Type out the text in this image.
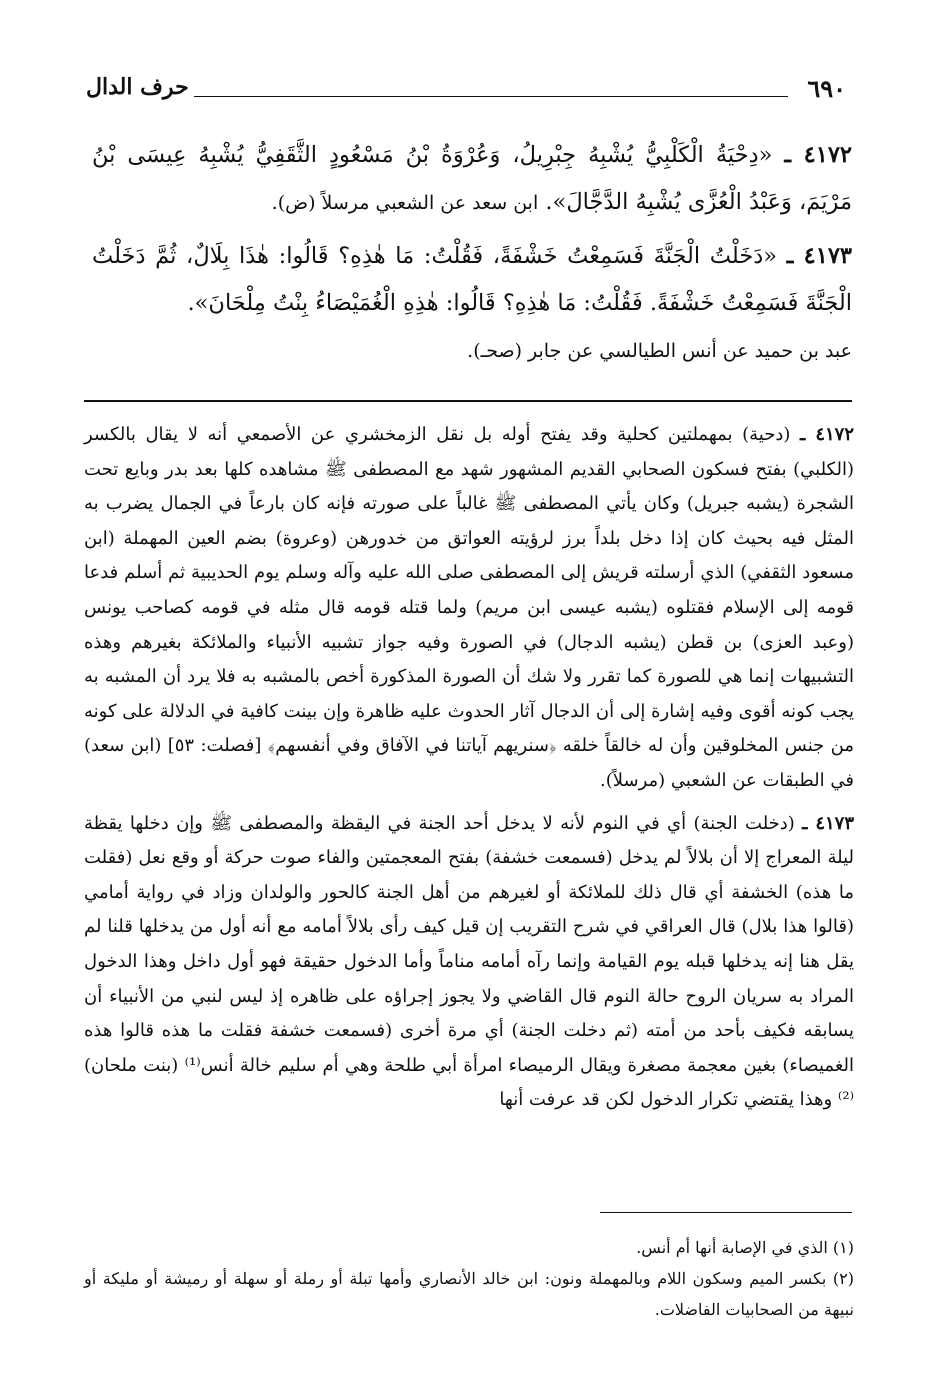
٦٩٠
حرف الدال

٤١٧٢ ـ «دِحْيَةُ الْكَلْبِيُّ يُشْبِهُ جِبْرِيلُ، وَعُرْوَةُ بْنُ مَسْعُودٍ الثَّقَفِيُّ يُشْبِهُ عِيسَى بْنُ مَرْيَمَ، وَعَبْدُ الْعُزَّى يُشْبِهُ الدَّجَّالَ». ابن سعد عن الشعبي مرسلاً (ض).

٤١٧٣ ـ «دَخَلْتُ الْجَنَّةَ فَسَمِعْتُ خَشْفَةً، فَقُلْتُ: مَا هٰذِهِ؟ قَالُوا: هٰذَا بِلَالٌ، ثُمَّ دَخَلْتُ الْجَنَّةَ فَسَمِعْتُ خَشْفَةً. فَقُلْتُ: مَا هٰذِهِ؟ قَالُوا: هٰذِهِ الْغُمَيْصَاءُ بِنْتُ مِلْحَانَ».
عبد بن حميد عن أنس الطيالسي عن جابر (صحـ).

٤١٧٢ ـ (دحية) بمهملتين كحلية وقد يفتح أوله بل نقل الزمخشري عن الأصمعي أنه لا يقال بالكسر (الكلبي) بفتح فسكون الصحابي القديم المشهور شهد مع المصطفى ﷺ مشاهده كلها بعد بدر وبايع تحت الشجرة (يشبه جبريل) وكان يأتي المصطفى ﷺ غالباً على صورته فإنه كان بارعاً في الجمال يضرب به المثل فيه بحيث كان إذا دخل بلداً برز لرؤيته العواتق من خدورهن (وعروة) بضم العين المهملة (ابن مسعود الثقفي) الذي أرسلته قريش إلى المصطفى صلى الله عليه وآله وسلم يوم الحديبية ثم أسلم فدعا قومه إلى الإسلام فقتلوه (يشبه عيسى ابن مريم) ولما قتله قومه قال مثله في قومه كصاحب يونس (وعبد العزى) بن قطن (يشبه الدجال) في الصورة وفيه جواز تشبيه الأنبياء والملائكة بغيرهم وهذه التشبيهات إنما هي للصورة كما تقرر ولا شك أن الصورة المذكورة أخص بالمشبه به فلا يرد أن المشبه به يجب كونه أقوى وفيه إشارة إلى أن الدجال آثار الحدوث عليه ظاهرة وإن بينت كافية في الدلالة على كونه من جنس المخلوقين وأن له خالقاً خلقه ﴿سنريهم آياتنا في الآفاق وفي أنفسهم﴾ [فصلت: ٥٣] (ابن سعد) في الطبقات عن الشعبي (مرسلاً).

٤١٧٣ ـ (دخلت الجنة) أي في النوم لأنه لا يدخل أحد الجنة في اليقظة والمصطفى ﷺ وإن دخلها يقظة ليلة المعراج إلا أن بلالاً لم يدخل (فسمعت خشفة) بفتح المعجمتين والفاء صوت حركة أو وقع نعل (فقلت ما هذه) الخشفة أي قال ذلك للملائكة أو لغيرهم من أهل الجنة كالحور والولدان وزاد في رواية أمامي (قالوا هذا بلال) قال العراقي في شرح التقريب إن قيل كيف رأى بلالاً أمامه مع أنه أول من يدخلها قلنا لم يقل هنا إنه يدخلها قبله يوم القيامة وإنما رآه أمامه مناماً وأما الدخول حقيقة فهو أول داخل وهذا الدخول المراد به سريان الروح حالة النوم قال القاضي ولا يجوز إجراؤه على ظاهره إذ ليس لنبي من الأنبياء أن يسابقه فكيف بأحد من أمته (ثم دخلت الجنة) أي مرة أخرى (فسمعت خشفة فقلت ما هذه قالوا هذه الغميصاء) بغين معجمة مصغرة ويقال الرميصاء امرأة أبي طلحة وهي أم سليم خالة أنس⁽¹⁾ (بنت ملحان)⁽²⁾ وهذا يقتضي تكرار الدخول لكن قد عرفت أنها

(١) الذي في الإصابة أنها أم أنس.

(٢) بكسر الميم وسكون اللام وبالمهملة ونون: ابن خالد الأنصاري وأمها تبلة أو رملة أو سهلة أو رميشة أو مليكة أو نبيهة من الصحابيات الفاضلات.
